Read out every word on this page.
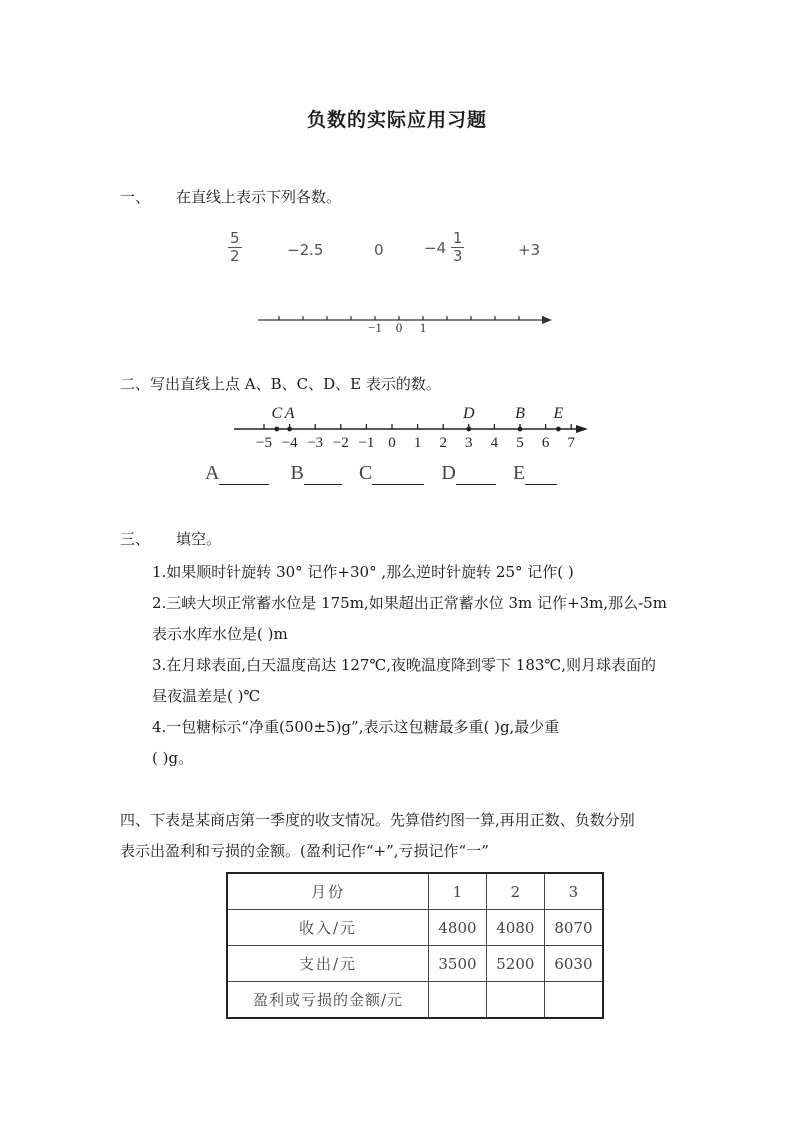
负数的实际应用习题
一、 在直线上表示下列各数。
$\frac{5}{2}$	−2.5	0	$-4 \frac{1}{3}$	+3
−1 0 1
二、写出直线上点 A、B、C、D、E 表示的数。
−5 −4 −3 −2 −1 0 1 2 3 4 5 6 7
C A	D	B E
A	B	C	D	E
三、 填空。
1.如果顺时针旋转 30° 记作+30° ,那么逆时针旋转 25° 记作( )
2.三峡大坝正常蓄水位是 175m,如果超出正常蓄水位 3m 记作+3m,那么-5m
表示水库水位是( )m
3.在月球表面,白天温度高达 127℃,夜晚温度降到零下 183℃,则月球表面的
昼夜温差是( )℃
4.一包糖标示“净重(500±5)g”,表示这包糖最多重( )g,最少重
( )g。
四、下表是某商店第一季度的收支情况。先算借约图一算,再用正数、负数分别
表示出盈利和亏损的金额。(盈利记作“+”,亏损记作“一”
月份	1	2	3
收入/元	4800	4080	8070
支出/元	3500	5200	6030
盈利或亏损的金额/元			
